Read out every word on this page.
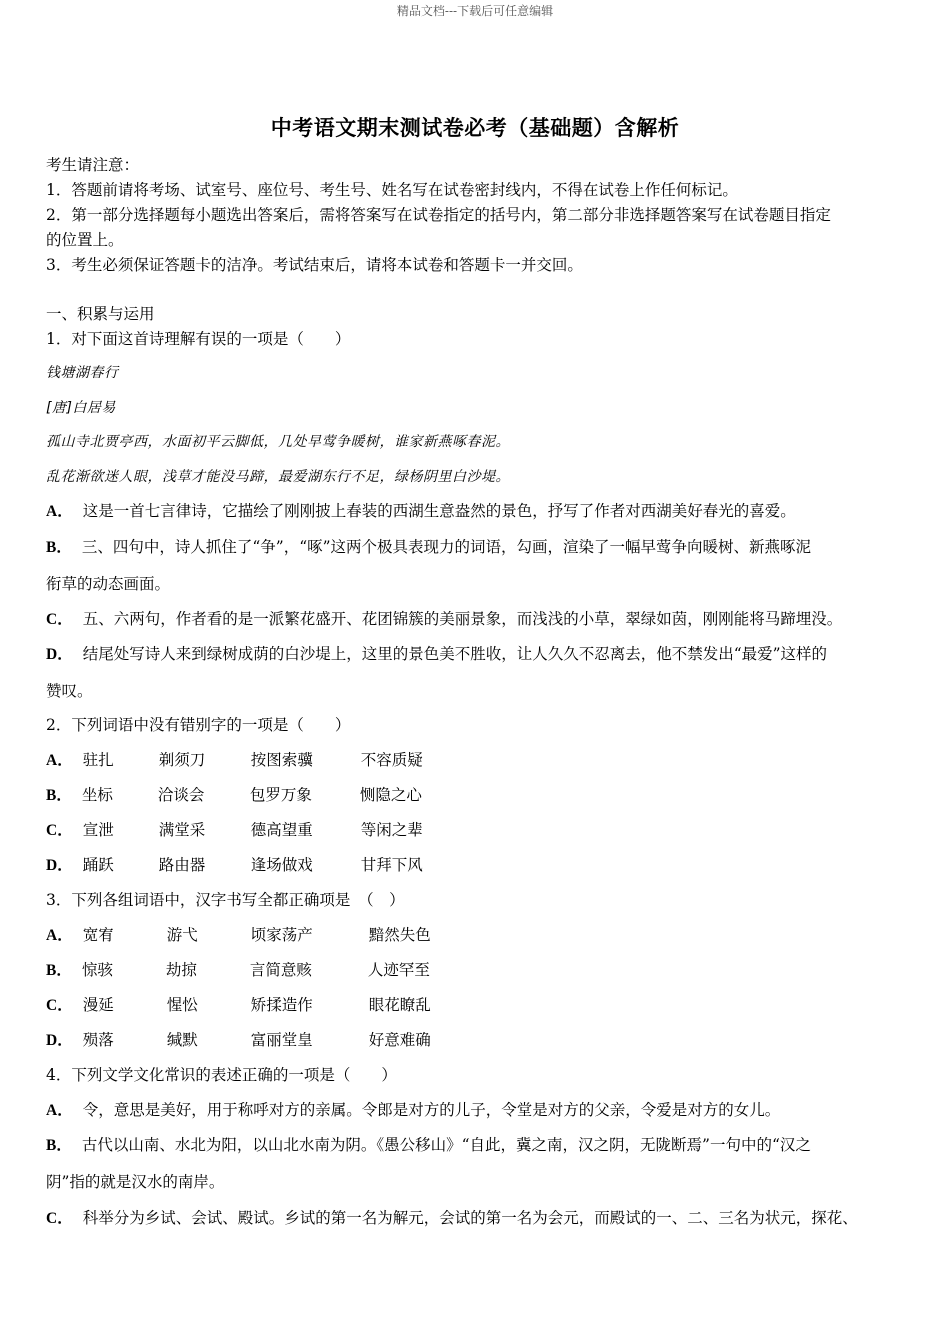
精品文档---下载后可任意编辑
中考语文期末测试卷必考（基础题）含解析
考生请注意：
1．答题前请将考场、试室号、座位号、考生号、姓名写在试卷密封线内，不得在试卷上作任何标记。
2．第一部分选择题每小题选出答案后，需将答案写在试卷指定的括号内，第二部分非选择题答案写在试卷题目指定
的位置上。
3．考生必须保证答题卡的洁净。考试结束后，请将本试卷和答题卡一并交回。
一、积累与运用
1．对下面这首诗理解有误的一项是（　　）
钱塘湖春行
[唐]白居易
孤山寺北贾亭西，水面初平云脚低，几处早莺争暖树，谁家新燕啄春泥。
乱花渐欲迷人眼，浅草才能没马蹄，最爱湖东行不足，绿杨阴里白沙堤。
A． 这是一首七言律诗，它描绘了刚刚披上春装的西湖生意盎然的景色，抒写了作者对西湖美好春光的喜爱。
B． 三、四句中，诗人抓住了“争”，“啄”这两个极具表现力的词语，勾画，渲染了一幅早莺争向暖树、新燕啄泥
衔草的动态画面。
C． 五、六两句，作者看的是一派繁花盛开、花团锦簇的美丽景象，而浅浅的小草，翠绿如茵，刚刚能将马蹄埋没。
D． 结尾处写诗人来到绿树成荫的白沙堤上，这里的景色美不胜收，让人久久不忍离去，他不禁发出“最爱”这样的
赞叹。
2．下列词语中没有错别字的一项是（　　）
A． 驻扎	剃须刀	按图索骥	不容质疑
B． 坐标	洽谈会	包罗万象	恻隐之心
C． 宣泄	满堂采	德高望重	等闲之辈
D． 踊跃	路由器	逢场做戏	甘拜下风
3．下列各组词语中，汉字书写全都正确项是　（　）
A． 宽宥	游弋	顷家荡产	黯然失色
B． 惊骇	劫掠	言简意赅	人迹罕至
C． 漫延	惺忪	矫揉造作	眼花瞭乱
D． 殒落	缄默	富丽堂皇	好意难确
4．下列文学文化常识的表述正确的一项是（　　）
A． 令，意思是美好，用于称呼对方的亲属。令郎是对方的儿子，令堂是对方的父亲，令爱是对方的女儿。
B． 古代以山南、水北为阳，以山北水南为阴。《愚公移山》“自此，冀之南，汉之阴，无陇断焉”一句中的“汉之
阴”指的就是汉水的南岸。
C． 科举分为乡试、会试、殿试。乡试的第一名为解元，会试的第一名为会元，而殿试的一、二、三名为状元，探花、
